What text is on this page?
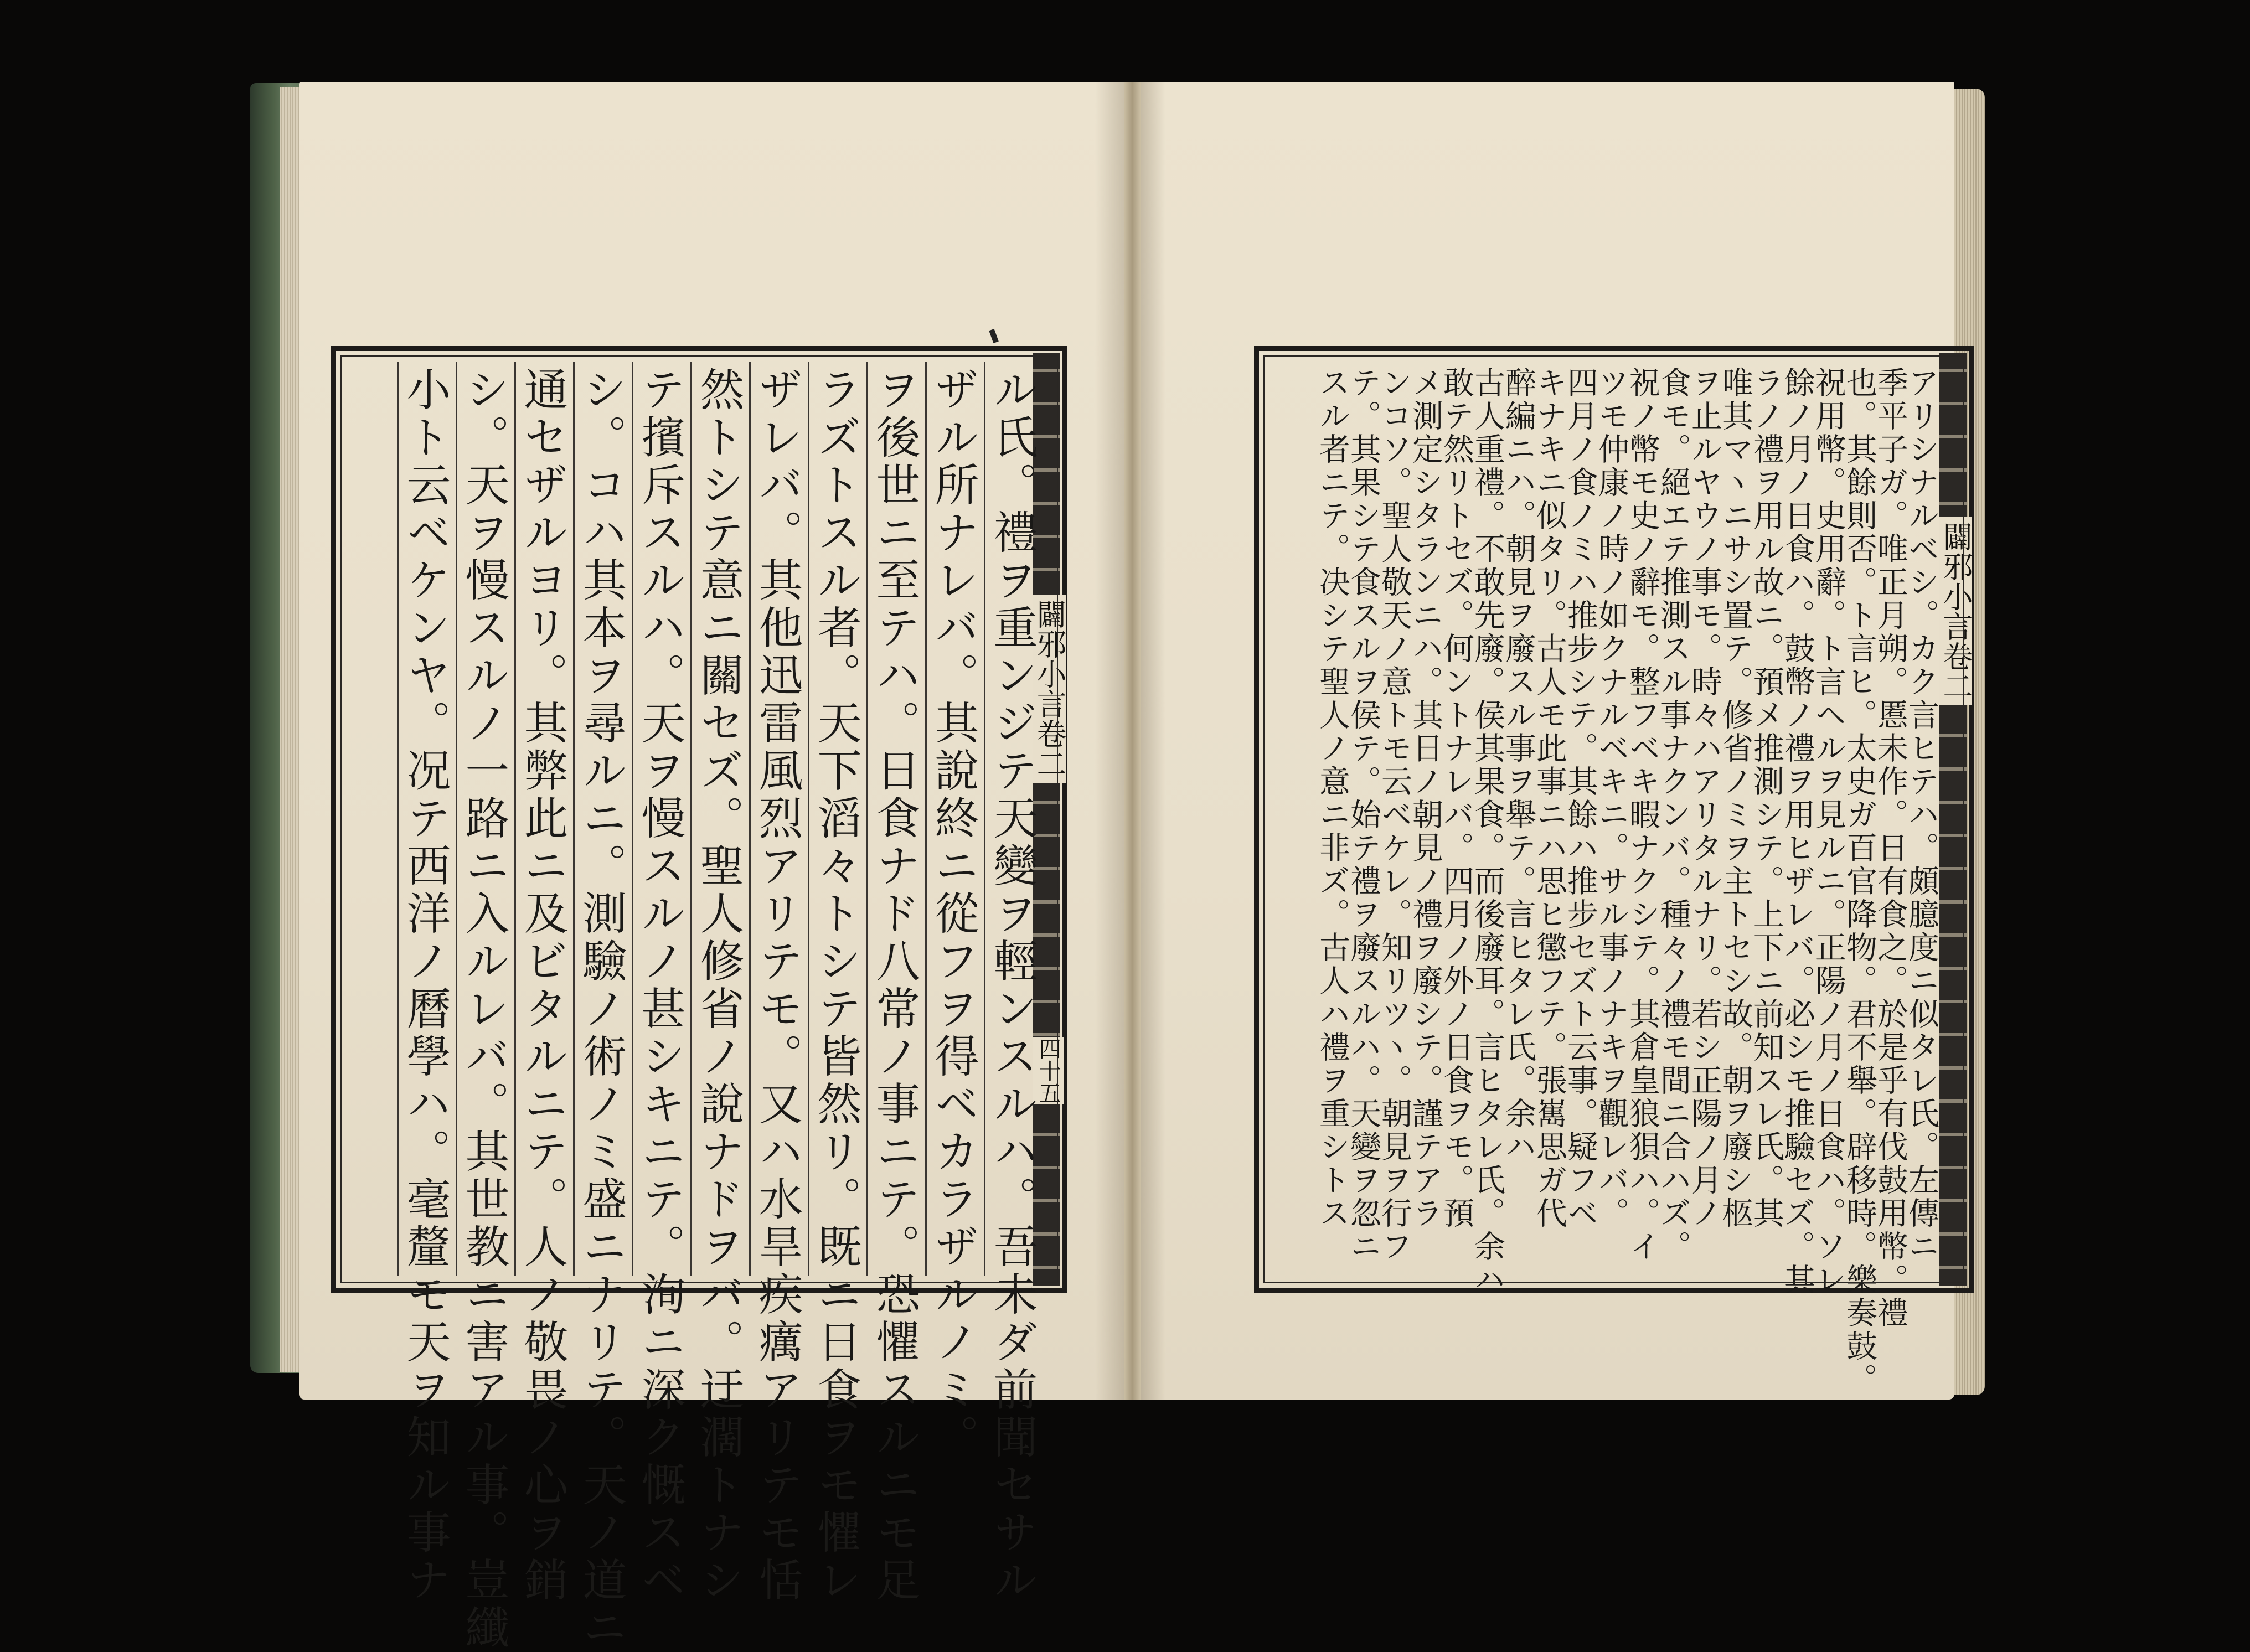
闢邪小言卷二
四十五
ル氏。禮ヲ重ンジテ天變ヲ輕ンスルハ。吾未ダ前聞セサル
ザル所ナレバ。其說終ニ從フヲ得ベカラザルノミ。
ヲ後世ニ至テハ。日食ナド八常ノ事ニテ。恐懼スルニモ足
ラズトスル者。天下滔々トシテ皆然リ。既ニ日食ヲモ懼レ
ザレバ。其他迅雷風烈アリテモ。又ハ水旱疾癘アリテモ恬
然トシテ意ニ關セズ。聖人修省ノ說ナドヲバ。迂濶トナシ
テ擯斥スルハ。天ヲ慢スルノ甚シキニテ。洵ニ深ク慨スベ
シ。コハ其本ヲ尋ルニ。測驗ノ術ノミ盛ニナリテ。天ノ道ニ
通セザルヨリ。其弊此ニ及ビタルニテ。人ノ敬畏ノ心ヲ銷
シ。天ヲ慢スルノ一路ニ入ルレバ。其世教ニ害アル事。豈纖
小ト云ベケンヤ。况テ西洋ノ曆學ハ。毫釐モ天ヲ知ル事ナ	闢邪小言卷二
アリシナルベシ。カク言ヒテハ。頗臆度ニ似タレ氏。左傳ニ
季平子ガ。唯正月朔。慝未作。日有食之。於是乎有伐鼓用幣。禮
也。其餘則否。ト言ヒ。太史ガ百官降物。君不舉。辟移時。樂奏鼓。
祝用幣。史用辭。ト言ヘルヲ見ルニ。正陽ノ月ノ日食ハ。ソレ
餘ノ月ノ日食ハ。鼓幣ノ禮ヲ用ヒザレバ。必シモ推驗セズ。其
ラノ禮ヲ用ル故ニ。預メ推測シテ。上下ニ前知スレ氏。其
唯其マヽニサシ置テ。修省ノミヲ主トセシ故。朝ヲ廢シ柩
ヲ止ルヤウノ事モ。時々ハアリタルナリ。若シ正陽ノ月ノ
食モ。絕エテ推測スル事ナクンバ。種々ノ禮モ間ニ合ハズ。
祝ノ幣モ史ノ辭モ。整フベキ暇ナクシテ。其倉皇狼狽ハ。イ
ツモ仲康ノ時ノ如クナルベキニ。サル事ノナキヲ觀レバ。
四月ノ食ノミハ推步シテ。其餘ハ推步セズト云事。疑フベ
キナキニ似タリ。古人モ此事ニハ思ヒ懲フテ。張嶲思ガ代
醉編ニハ。朝見ヲ廢スル事ヲ舉テ。言ヒタレ氏。余ハ
古人重禮。不敢先廢。侯其果食。而後廢耳。言ヒタレ氏。余ハ
敢テ然リトセズ。何ントナレバ。四月ノ外ノ日食ヲモ。預
メ測定シタランニハ。其日ノ朝見ノ禮ヲ廢シテ。謹テアラ
ンコソ。聖人敬天ノ意トモ云ベケレ。知リツヽ。朝見ヲ行フ
テ。其果シテ食スルヲ侯テ。始テ禮ヲ廢スルハ。天變ヲ忽ニ
スル者ニテ。决シテ聖人ノ意ニ非ズ。古人ハ禮ヲ重シトス
